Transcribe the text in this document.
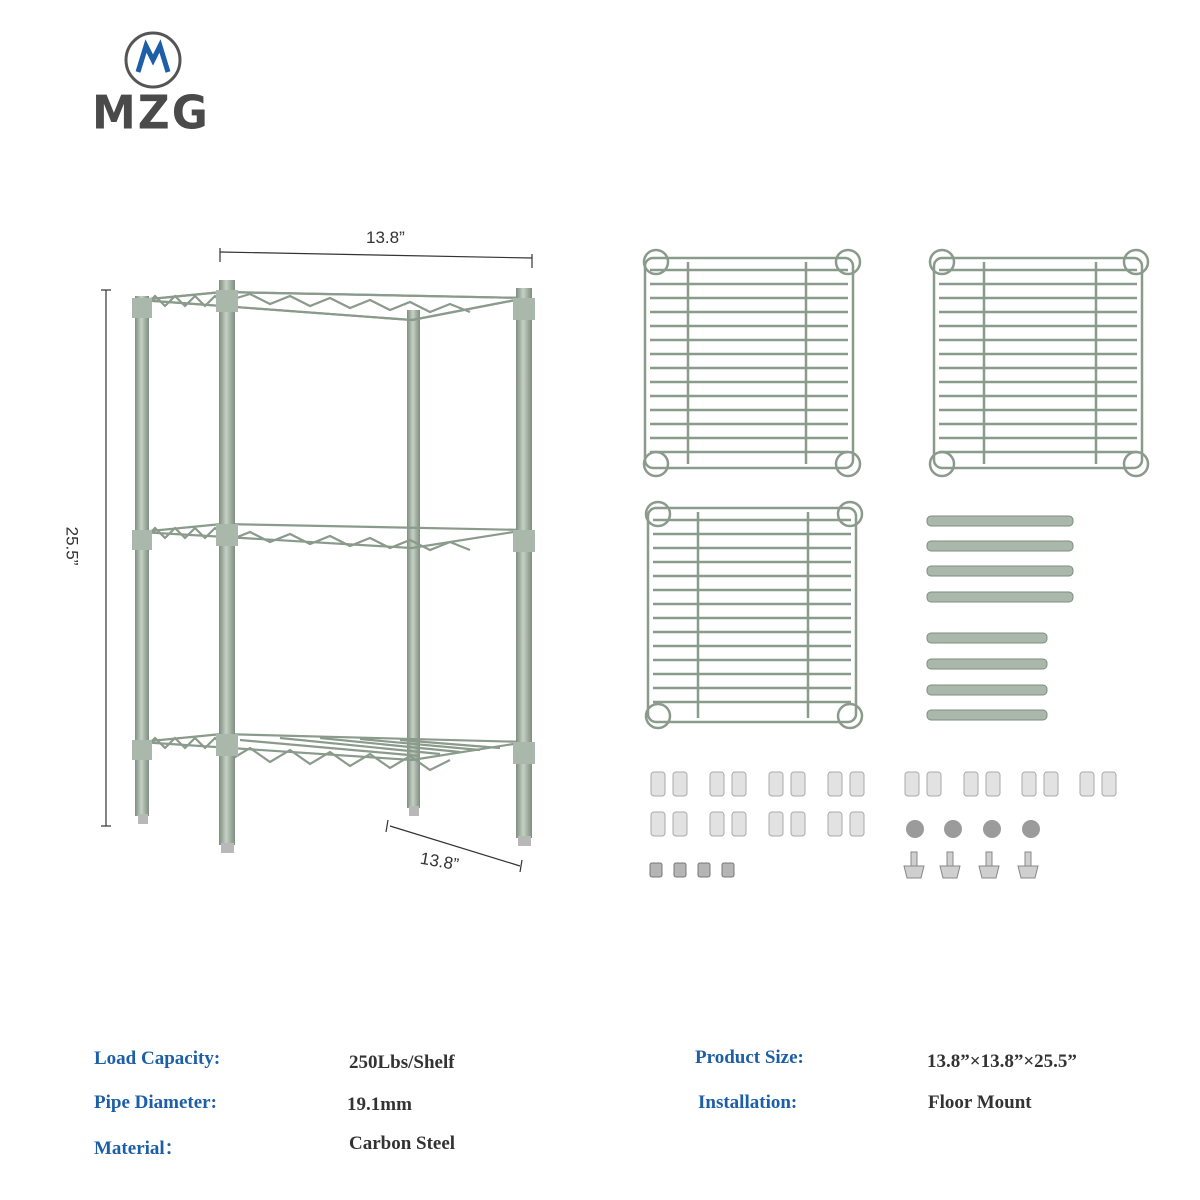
MZG
13.8”
25.5”
13.8”
Load Capacity:	250Lbs/Shelf
Pipe Diameter:	19.1mm
Material：	Carbon Steel
Product Size:	13.8”×13.8”×25.5”
Installation:	Floor Mount
